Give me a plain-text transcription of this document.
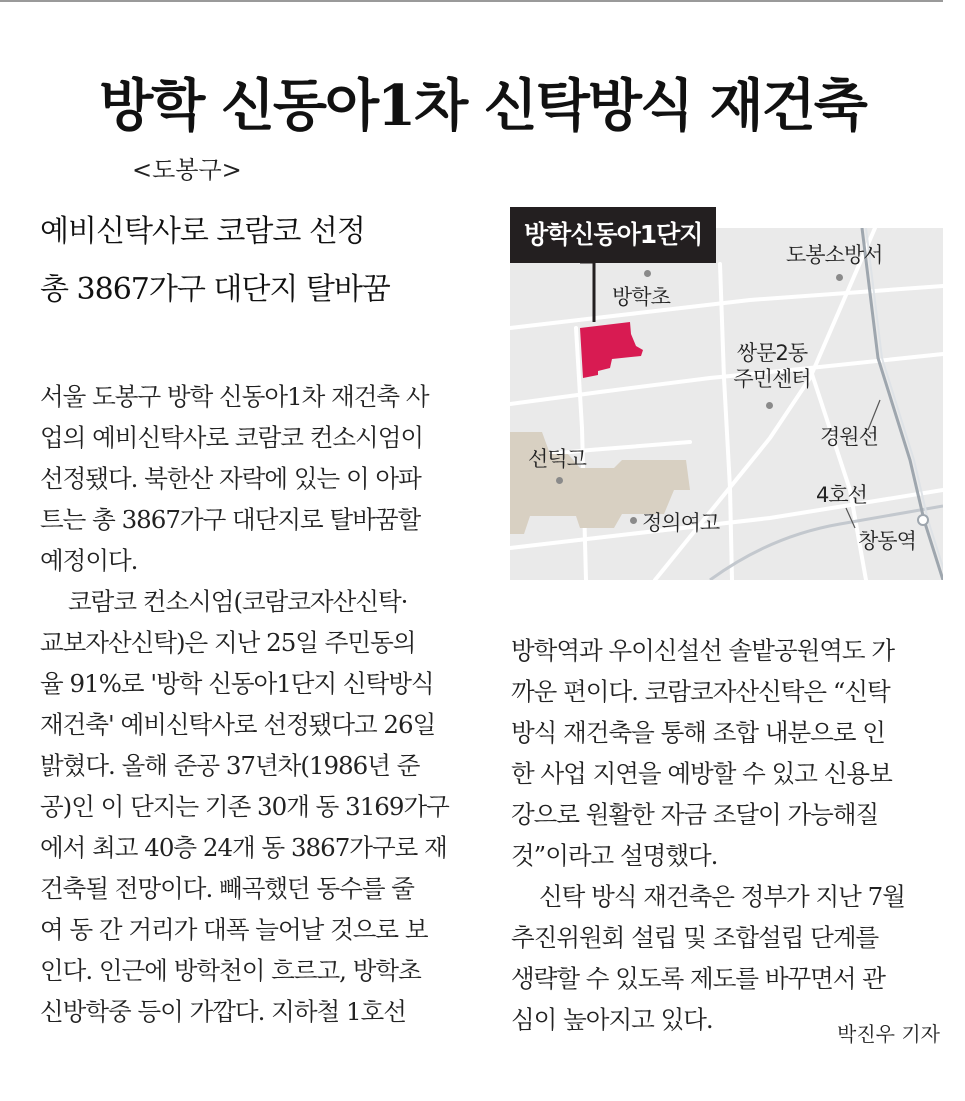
방학 신동아1차 신탁방식 재건축
<도봉구>
예비신탁사로 코람코 선정
총 3867가구 대단지 탈바꿈
서울 도봉구 방학 신동아1차 재건축 사
업의 예비신탁사로 코람코 컨소시엄이
선정됐다. 북한산 자락에 있는 이 아파
트는 총 3867가구 대단지로 탈바꿈할
예정이다.
코람코 컨소시엄(코람코자산신탁·
교보자산신탁)은 지난 25일 주민동의
율 91%로 '방학 신동아1단지 신탁방식
재건축' 예비신탁사로 선정됐다고 26일
밝혔다. 올해 준공 37년차(1986년 준
공)인 이 단지는 기존 30개 동 3169가구
에서 최고 40층 24개 동 3867가구로 재
건축될 전망이다. 빼곡했던 동수를 줄
여 동 간 거리가 대폭 늘어날 것으로 보
인다. 인근에 방학천이 흐르고, 방학초
신방학중 등이 가깝다. 지하철 1호선
방학역과 우이신설선 솔밭공원역도 가
까운 편이다. 코람코자산신탁은 “신탁
방식 재건축을 통해 조합 내분으로 인
한 사업 지연을 예방할 수 있고 신용보
강으로 원활한 자금 조달이 가능해질
것”이라고 설명했다.
신탁 방식 재건축은 정부가 지난 7월
추진위원회 설립 및 조합설립 단계를
생략할 수 있도록 제도를 바꾸면서 관
심이 높아지고 있다.	박진우 기자
방학신동아1단지
도봉소방서
방학초
쌍문2동
주민센터
경원선
선덕고
4호선
정의여고
창동역
